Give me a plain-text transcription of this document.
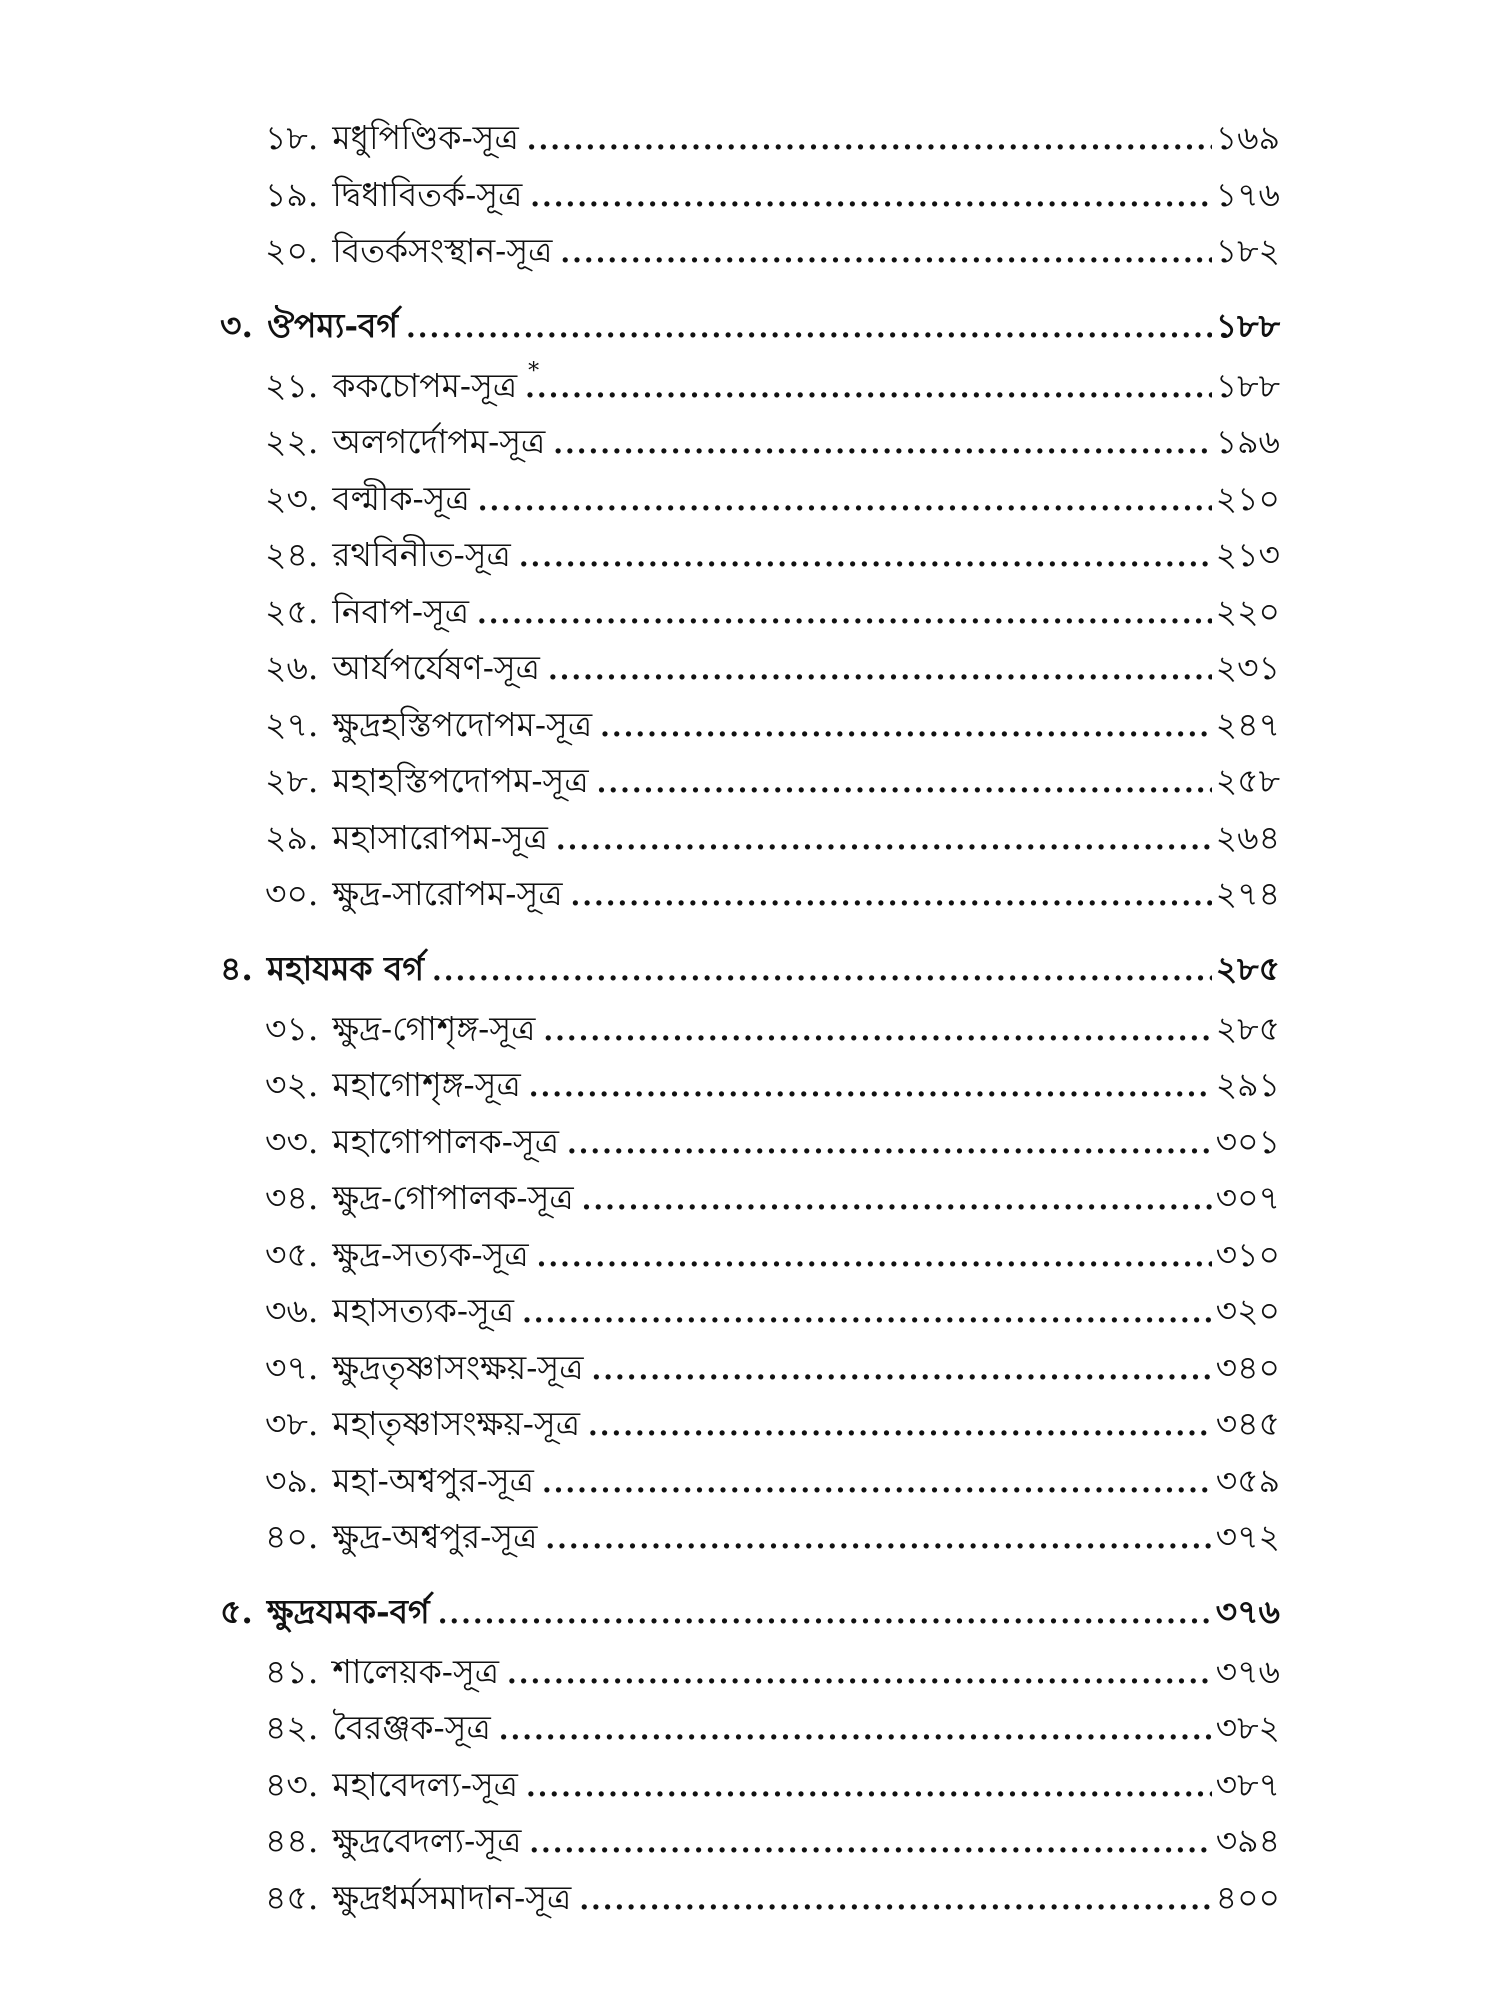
১৮. মধুপিণ্ডিক-সূত্র .....	১৬৯
১৯. দ্বিধাবিতর্ক-সূত্র .....	১৭৬
২০. বিতর্কসংস্থান-সূত্র .....	১৮২
৩. ঔপম্য-বর্গ .....	১৮৮
২১. ককচোপম-সূত্র * .....	১৮৮
২২. অলগর্দোপম-সূত্র .....	১৯৬
২৩. বল্মীক-সূত্র .....	২১০
২৪. রথবিনীত-সূত্র .....	২১৩
২৫. নিবাপ-সূত্র .....	২২০
২৬. আর্যপর্যেষণ-সূত্র .....	২৩১
২৭. ক্ষুদ্রহস্তিপদোপম-সূত্র .....	২৪৭
২৮. মহাহস্তিপদোপম-সূত্র .....	২৫৮
২৯. মহাসারোপম-সূত্র .....	২৬৪
৩০. ক্ষুদ্র-সারোপম-সূত্র .....	২৭৪
৪. মহাযমক বর্গ .....	২৮৫
৩১. ক্ষুদ্র-গোশৃঙ্গ-সূত্র .....	২৮৫
৩২. মহাগোশৃঙ্গ-সূত্র .....	২৯১
৩৩. মহাগোপালক-সূত্র .....	৩০১
৩৪. ক্ষুদ্র-গোপালক-সূত্র .....	৩০৭
৩৫. ক্ষুদ্র-সত্যক-সূত্র .....	৩১০
৩৬. মহাসত্যক-সূত্র .....	৩২০
৩৭. ক্ষুদ্রতৃষ্ণাসংক্ষয়-সূত্র .....	৩৪০
৩৮. মহাতৃষ্ণাসংক্ষয়-সূত্র .....	৩৪৫
৩৯. মহা-অশ্বপুর-সূত্র .....	৩৫৯
৪০. ক্ষুদ্র-অশ্বপুর-সূত্র .....	৩৭২
৫. ক্ষুদ্রযমক-বর্গ .....	৩৭৬
৪১. শালেয়ক-সূত্র .....	৩৭৬
৪২. বৈরঞ্জক-সূত্র .....	৩৮২
৪৩. মহাবেদল্য-সূত্র .....	৩৮৭
৪৪. ক্ষুদ্রবেদল্য-সূত্র .....	৩৯৪
৪৫. ক্ষুদ্রধর্মসমাদান-সূত্র .....	৪০০
